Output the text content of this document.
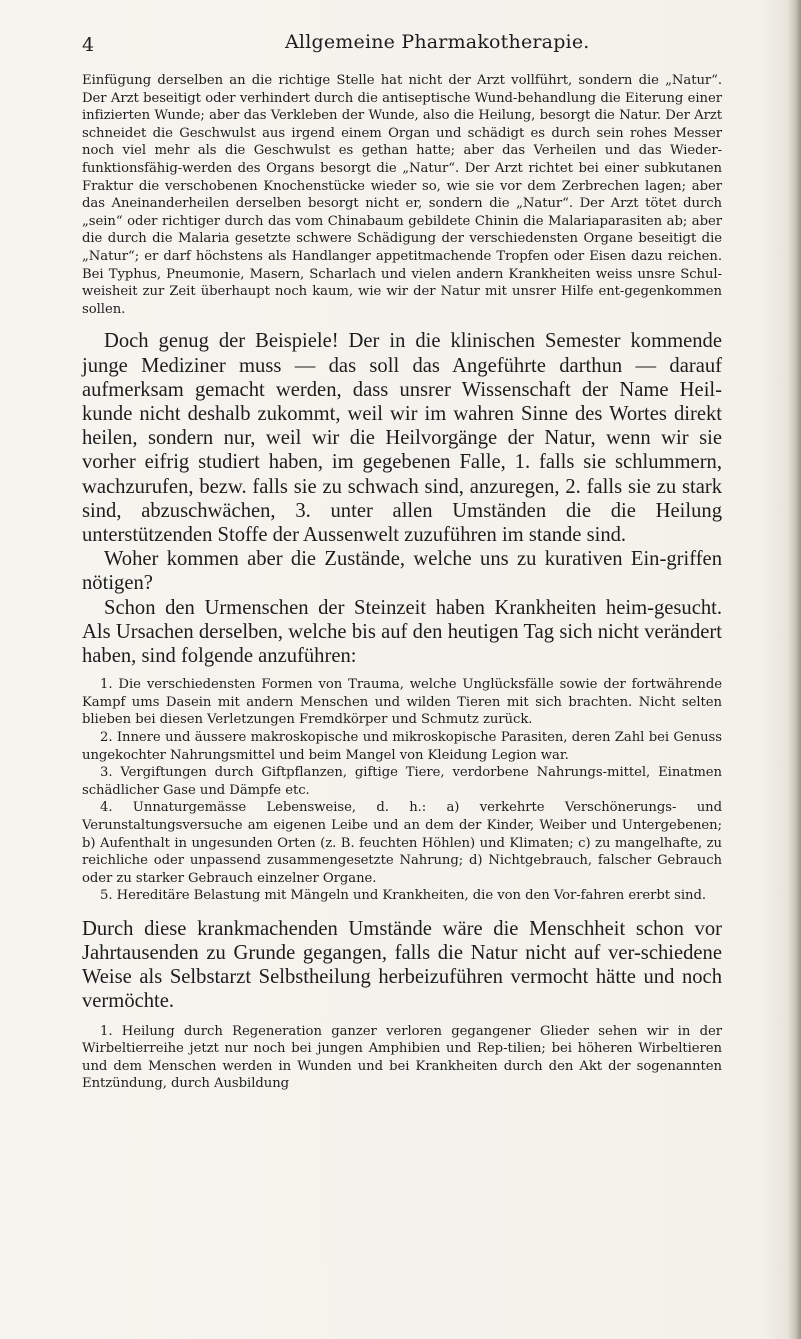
4	Allgemeine Pharmakotherapie.

Einfügung derselben an die richtige Stelle hat nicht der Arzt vollführt, sondern die „Natur“. Der Arzt beseitigt oder verhindert durch die antiseptische Wund-behandlung die Eiterung einer infizierten Wunde; aber das Verkleben der Wunde, also die Heilung, besorgt die Natur. Der Arzt schneidet die Geschwulst aus irgend einem Organ und schädigt es durch sein rohes Messer noch viel mehr als die Geschwulst es gethan hatte; aber das Verheilen und das Wieder-funktionsfähig-werden des Organs besorgt die „Natur“. Der Arzt richtet bei einer subkutanen Fraktur die verschobenen Knochenstücke wieder so, wie sie vor dem Zerbrechen lagen; aber das Aneinanderheilen derselben besorgt nicht er, sondern die „Natur“. Der Arzt tötet durch „sein“ oder richtiger durch das vom Chinabaum gebildete Chinin die Malariaparasiten ab; aber die durch die Malaria gesetzte schwere Schädigung der verschiedensten Organe beseitigt die „Natur“; er darf höchstens als Handlanger appetitmachende Tropfen oder Eisen dazu reichen. Bei Typhus, Pneumonie, Masern, Scharlach und vielen andern Krankheiten weiss unsre Schul-weisheit zur Zeit überhaupt noch kaum, wie wir der Natur mit unsrer Hilfe ent-gegenkommen sollen.

Doch genug der Beispiele! Der in die klinischen Semester kommende junge Mediziner muss — das soll das Angeführte darthun — darauf aufmerksam gemacht werden, dass unsrer Wissenschaft der Name Heil-kunde nicht deshalb zukommt, weil wir im wahren Sinne des Wortes direkt heilen, sondern nur, weil wir die Heilvorgänge der Natur, wenn wir sie vorher eifrig studiert haben, im gegebenen Falle, 1. falls sie schlummern, wachzurufen, bezw. falls sie zu schwach sind, anzuregen, 2. falls sie zu stark sind, abzuschwächen, 3. unter allen Umständen die die Heilung unterstützenden Stoffe der Aussenwelt zuzuführen im stande sind.

Woher kommen aber die Zustände, welche uns zu kurativen Ein-griffen nötigen?

Schon den Urmenschen der Steinzeit haben Krankheiten heim-gesucht. Als Ursachen derselben, welche bis auf den heutigen Tag sich nicht verändert haben, sind folgende anzuführen:

1. Die verschiedensten Formen von Trauma, welche Unglücksfälle sowie der fortwährende Kampf ums Dasein mit andern Menschen und wilden Tieren mit sich brachten. Nicht selten blieben bei diesen Verletzungen Fremdkörper und Schmutz zurück.

2. Innere und äussere makroskopische und mikroskopische Parasiten, deren Zahl bei Genuss ungekochter Nahrungsmittel und beim Mangel von Kleidung Legion war.

3. Vergiftungen durch Giftpflanzen, giftige Tiere, verdorbene Nahrungs-mittel, Einatmen schädlicher Gase und Dämpfe etc.

4. Unnaturgemässe Lebensweise, d. h.: a) verkehrte Verschönerungs- und Verunstaltungsversuche am eigenen Leibe und an dem der Kinder, Weiber und Untergebenen; b) Aufenthalt in ungesunden Orten (z. B. feuchten Höhlen) und Klimaten; c) zu mangelhafte, zu reichliche oder unpassend zusammengesetzte Nahrung; d) Nichtgebrauch, falscher Gebrauch oder zu starker Gebrauch einzelner Organe.

5. Hereditäre Belastung mit Mängeln und Krankheiten, die von den Vor-fahren ererbt sind.

Durch diese krankmachenden Umstände wäre die Menschheit schon vor Jahrtausenden zu Grunde gegangen, falls die Natur nicht auf ver-schiedene Weise als Selbstarzt Selbstheilung herbeizuführen vermocht hätte und noch vermöchte.

1. Heilung durch Regeneration ganzer verloren gegangener Glieder sehen wir in der Wirbeltierreihe jetzt nur noch bei jungen Amphibien und Rep-tilien; bei höheren Wirbeltieren und dem Menschen werden in Wunden und bei Krankheiten durch den Akt der sogenannten Entzündung, durch Ausbildung
